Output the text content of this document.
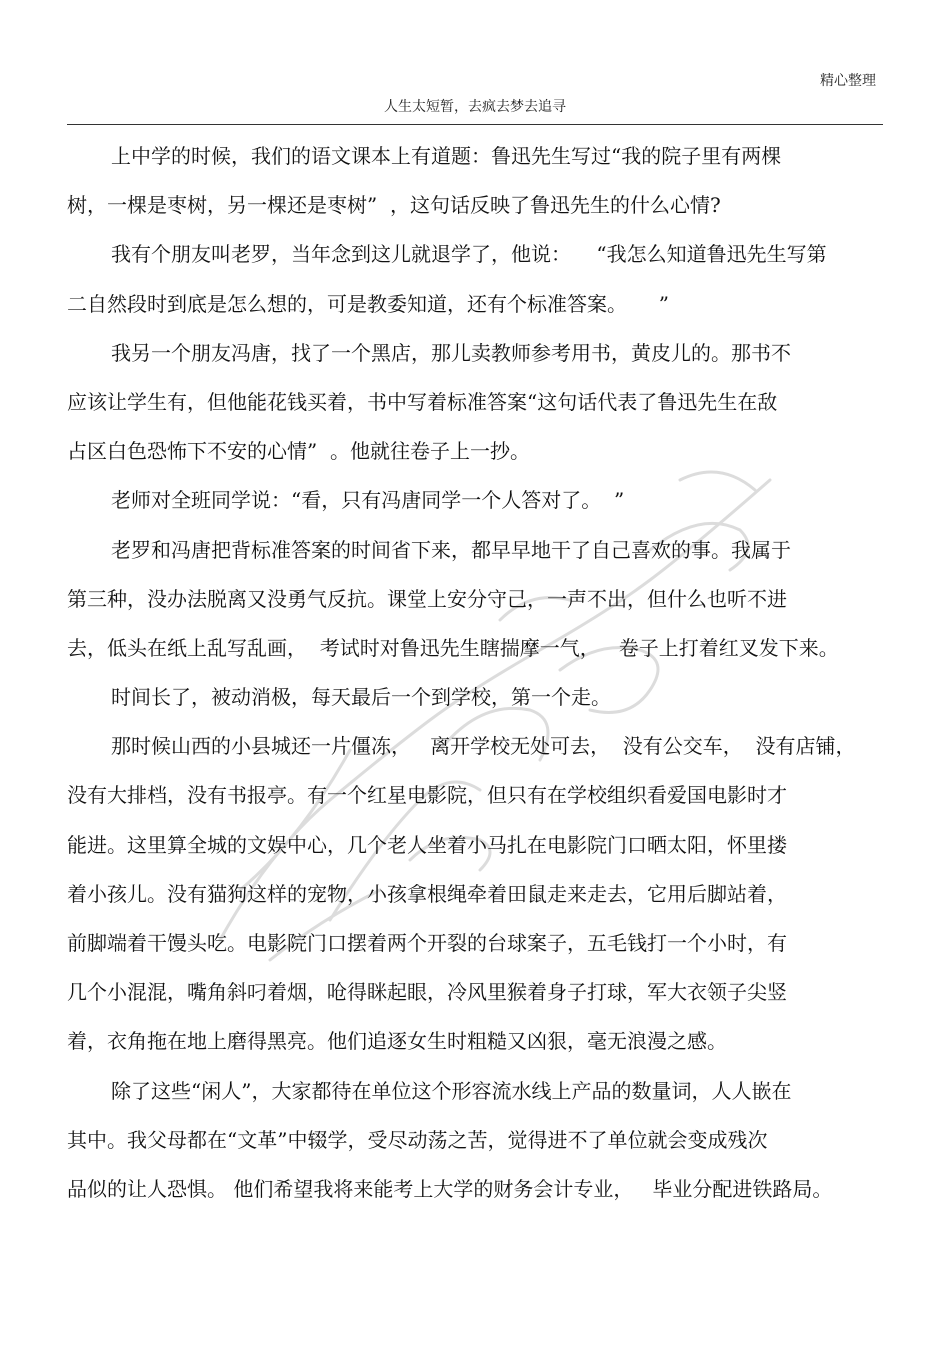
精心整理
人生太短暂，去疯去梦去追寻
上中学的时候，我们的语文课本上有道题：鲁迅先生写过“我的院子里有两棵
树，一棵是枣树，另一棵还是枣树”  ，这句话反映了鲁迅先生的什么心情?
我有个朋友叫老罗，当年念到这儿就退学了，他说：    “我怎么知道鲁迅先生写第
二自然段时到底是怎么想的，可是教委知道，还有个标准答案。     ”
我另一个朋友冯唐，找了一个黑店，那儿卖教师参考用书，黄皮儿的。那书不
应该让学生有，但他能花钱买着，书中写着标准答案“这句话代表了鲁迅先生在敌
占区白色恐怖下不安的心情”  。他就往卷子上一抄。
老师对全班同学说：“看，只有冯唐同学一个人答对了。  ”
老罗和冯唐把背标准答案的时间省下来，都早早地干了自己喜欢的事。我属于
第三种，没办法脱离又没勇气反抗。课堂上安分守己，一声不出，但什么也听不进
去，低头在纸上乱写乱画，  考试时对鲁迅先生瞎揣摩一气，   卷子上打着红叉发下来。
时间长了，被动消极，每天最后一个到学校，第一个走。
那时候山西的小县城还一片僵冻，   离开学校无处可去，  没有公交车，  没有店铺，
没有大排档，没有书报亭。有一个红星电影院，但只有在学校组织看爱国电影时才
能进。这里算全城的文娱中心，几个老人坐着小马扎在电影院门口晒太阳，怀里搂
着小孩儿。没有猫狗这样的宠物，小孩拿根绳牵着田鼠走来走去，它用后脚站着，
前脚端着干馒头吃。电影院门口摆着两个开裂的台球案子，五毛钱打一个小时，有
几个小混混，嘴角斜叼着烟，呛得眯起眼，冷风里猴着身子打球，军大衣领子尖竖
着，衣角拖在地上磨得黑亮。他们追逐女生时粗糙又凶狠，毫无浪漫之感。
除了这些“闲人”，大家都待在单位这个形容流水线上产品的数量词，人人嵌在
其中。我父母都在“文革”中辍学，受尽动荡之苦，觉得进不了单位就会变成残次
品似的让人恐惧。 他们希望我将来能考上大学的财务会计专业，   毕业分配进铁路局。
